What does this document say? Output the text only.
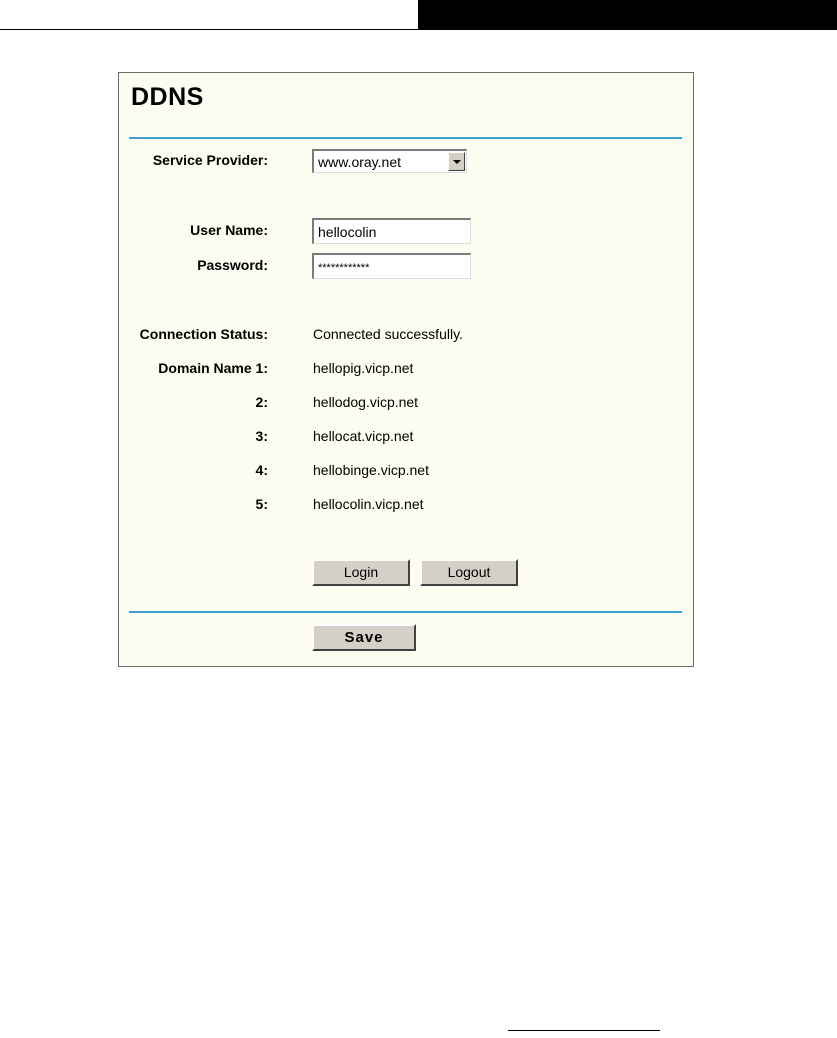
DDNS
Service Provider:	www.oray.net
User Name:
hellocolin
Password:	************
Connection Status:	Connected successfully.
Domain Name 1:	hellopig.vicp.net
2:	hellodog.vicp.net
3:	hellocat.vicp.net
4:	hellobinge.vicp.net
5:	hellocolin.vicp.net
Login	Logout
Save
